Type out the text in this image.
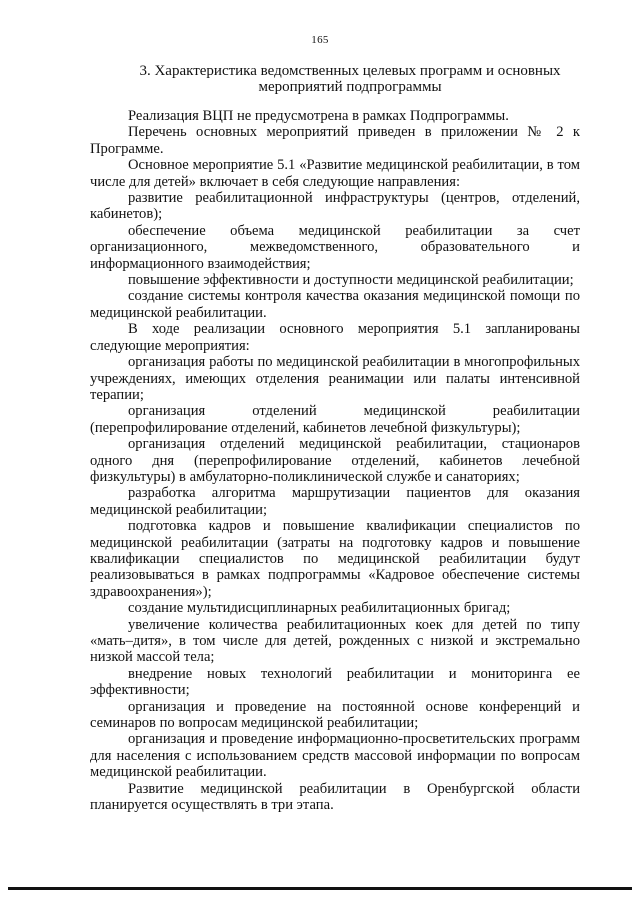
165
3. Характеристика ведомственных целевых программ и основных
мероприятий подпрограммы

Реализация ВЦП не предусмотрена в рамках Подпрограммы.

Перечень основных мероприятий приведен в приложении № 2 к Программе.

Основное мероприятие 5.1 «Развитие медицинской реабилитации, в том числе для детей» включает в себя следующие направления:

развитие реабилитационной инфраструктуры (центров, отделений, кабинетов);

обеспечение объема медицинской реабилитации за счет организационного, межведомственного, образовательного и информационного взаимодействия;

повышение эффективности и доступности медицинской реабилитации;

создание системы контроля качества оказания медицинской помощи по медицинской реабилитации.

В ходе реализации основного мероприятия 5.1 запланированы следующие мероприятия:

организация работы по медицинской реабилитации в многопрофильных учреждениях, имеющих отделения реанимации или палаты интенсивной терапии;

организация отделений медицинской реабилитации (перепрофилирование отделений, кабинетов лечебной физкультуры);

организация отделений медицинской реабилитации, стационаров одного дня (перепрофилирование отделений, кабинетов лечебной физкультуры) в амбулаторно-поликлинической службе и санаториях;

разработка алгоритма маршрутизации пациентов для оказания медицинской реабилитации;

подготовка кадров и повышение квалификации специалистов по медицинской реабилитации (затраты на подготовку кадров и повышение квалификации специалистов по медицинской реабилитации будут реализовываться в рамках подпрограммы «Кадровое обеспечение системы здравоохранения»);

создание мультидисциплинарных реабилитационных бригад;

увеличение количества реабилитационных коек для детей по типу «мать–дитя», в том числе для детей, рожденных с низкой и экстремально низкой массой тела;

внедрение новых технологий реабилитации и мониторинга ее эффективности;

организация и проведение на постоянной основе конференций и семинаров по вопросам медицинской реабилитации;

организация и проведение информационно-просветительских программ для населения с использованием средств массовой информации по вопросам медицинской реабилитации.

Развитие медицинской реабилитации в Оренбургской области планируется осуществлять в три этапа.
